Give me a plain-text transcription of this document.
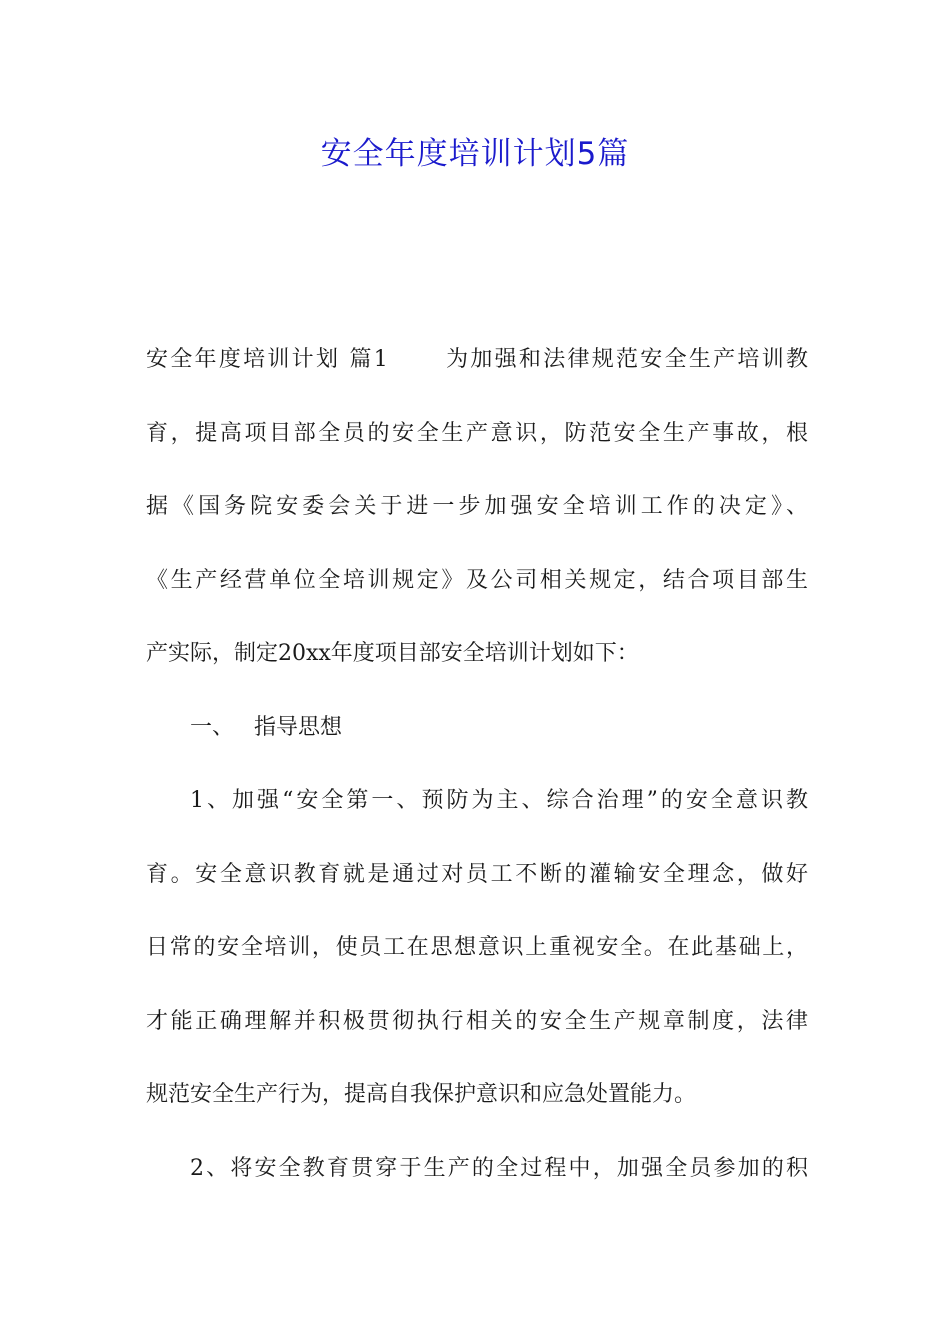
安全年度培训计划5篇
安全年度培训计划 篇1	为加强和法律规范安全生产培训教
育，提高项目部全员的安全生产意识，防范安全生产事故，根
据《国务院安委会关于进一步加强安全培训工作的决定》、
《生产经营单位全培训规定》及公司相关规定，结合项目部生
产实际，制定20xx年度项目部安全培训计划如下：
一、 指导思想
1、加强“安全第一、预防为主、综合治理”的安全意识教
育。安全意识教育就是通过对员工不断的灌输安全理念，做好
日常的安全培训，使员工在思想意识上重视安全。在此基础上，
才能正确理解并积极贯彻执行相关的安全生产规章制度，法律
规范安全生产行为，提高自我保护意识和应急处置能力。
2、将安全教育贯穿于生产的全过程中，加强全员参加的积
